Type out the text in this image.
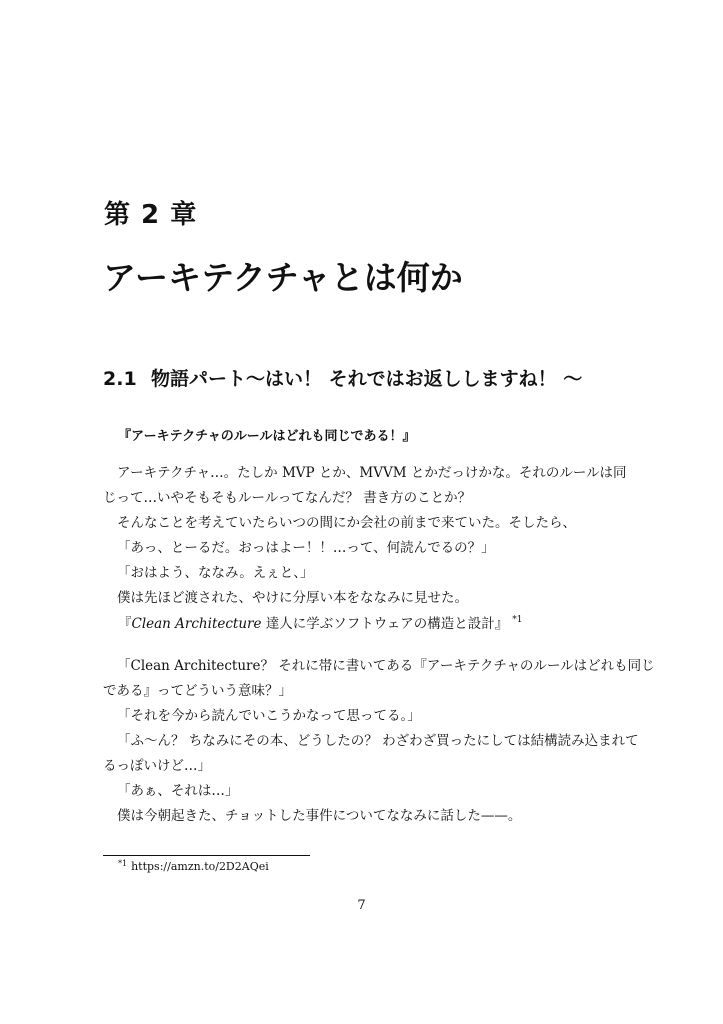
第 2 章
アーキテクチャとは何か
2.1 物語パート〜はい！ それではお返ししますね！ 〜
『アーキテクチャのルールはどれも同じである！』

アーキテクチャ…。たしか MVP とか、MVVM とかだっけかな。それのルールは同

じって…いやそもそもルールってなんだ？ 書き方のことか？

そんなことを考えていたらいつの間にか会社の前まで来ていた。そしたら、

「あっ、とーるだ。おっはよー！！…って、何読んでるの？」

「おはよう、ななみ。えぇと、」

僕は先ほど渡された、やけに分厚い本をななみに見せた。

『Clean Architecture 達人に学ぶソフトウェアの構造と設計』 $^{*1}$

「Clean Architecture？ それに帯に書いてある『アーキテクチャのルールはどれも同じ

である』ってどういう意味？」

「それを今から読んでいこうかなって思ってる。」

「ふ〜ん？ ちなみにその本、どうしたの？ わざわざ買ったにしては結構読み込まれて

るっぽいけど…」

「あぁ、それは…」

僕は今朝起きた、チョットした事件についてななみに話した——。

$^{*1}$ https://amzn.to/2D2AQei
7
